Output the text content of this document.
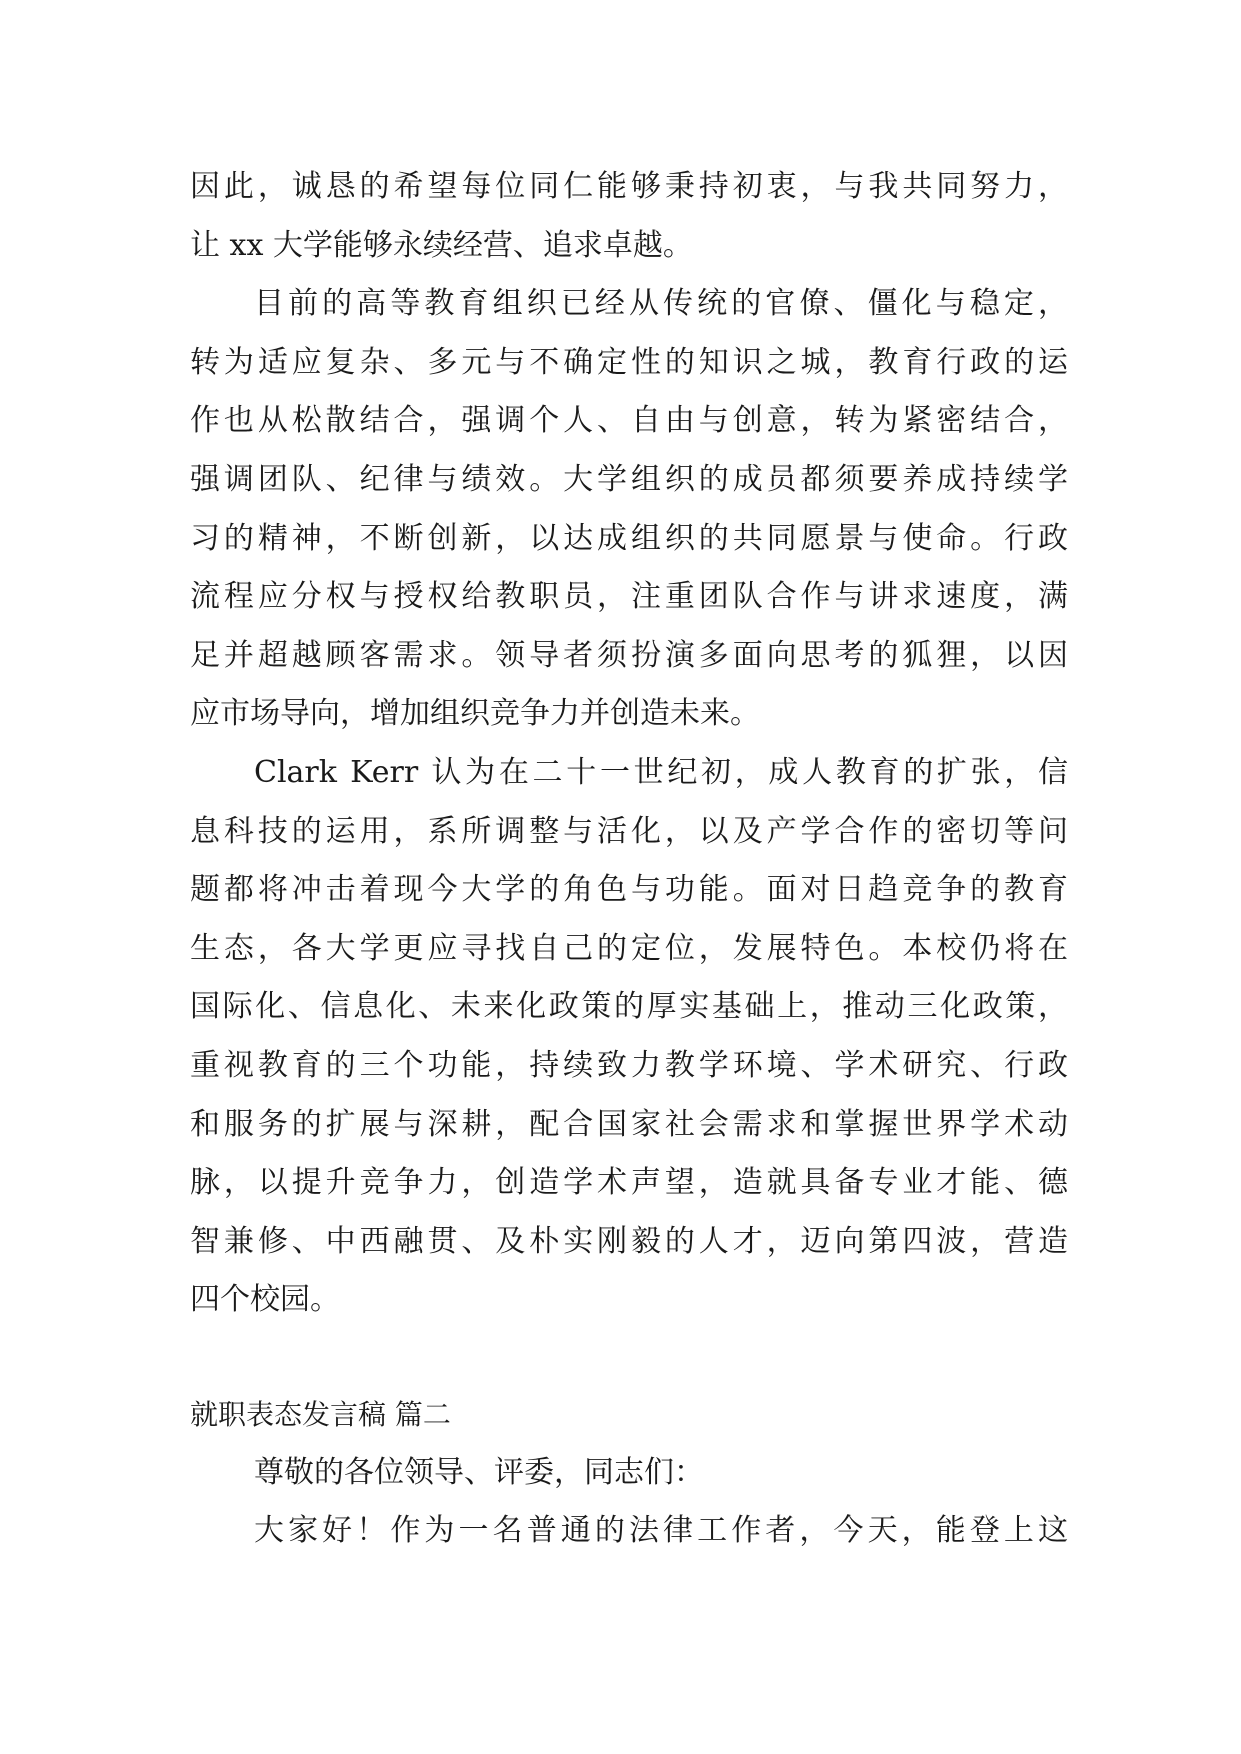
因此，诚恳的希望每位同仁能够秉持初衷，与我共同努力，
让 xx 大学能够永续经营、追求卓越。
目前的高等教育组织已经从传统的官僚、僵化与稳定，
转为适应复杂、多元与不确定性的知识之城，教育行政的运
作也从松散结合，强调个人、自由与创意，转为紧密结合，
强调团队、纪律与绩效。大学组织的成员都须要养成持续学
习的精神，不断创新，以达成组织的共同愿景与使命。行政
流程应分权与授权给教职员，注重团队合作与讲求速度，满
足并超越顾客需求。领导者须扮演多面向思考的狐狸，以因
应市场导向，增加组织竞争力并创造未来。
Clark Kerr 认为在二十一世纪初，成人教育的扩张，信
息科技的运用，系所调整与活化，以及产学合作的密切等问
题都将冲击着现今大学的角色与功能。面对日趋竞争的教育
生态，各大学更应寻找自己的定位，发展特色。本校仍将在
国际化、信息化、未来化政策的厚实基础上，推动三化政策，
重视教育的三个功能，持续致力教学环境、学术研究、行政
和服务的扩展与深耕，配合国家社会需求和掌握世界学术动
脉，以提升竞争力，创造学术声望，造就具备专业才能、德
智兼修、中西融贯、及朴实刚毅的人才，迈向第四波，营造
四个校园。
就职表态发言稿 篇二
尊敬的各位领导、评委，同志们：
大家好！作为一名普通的法律工作者，今天，能登上这
